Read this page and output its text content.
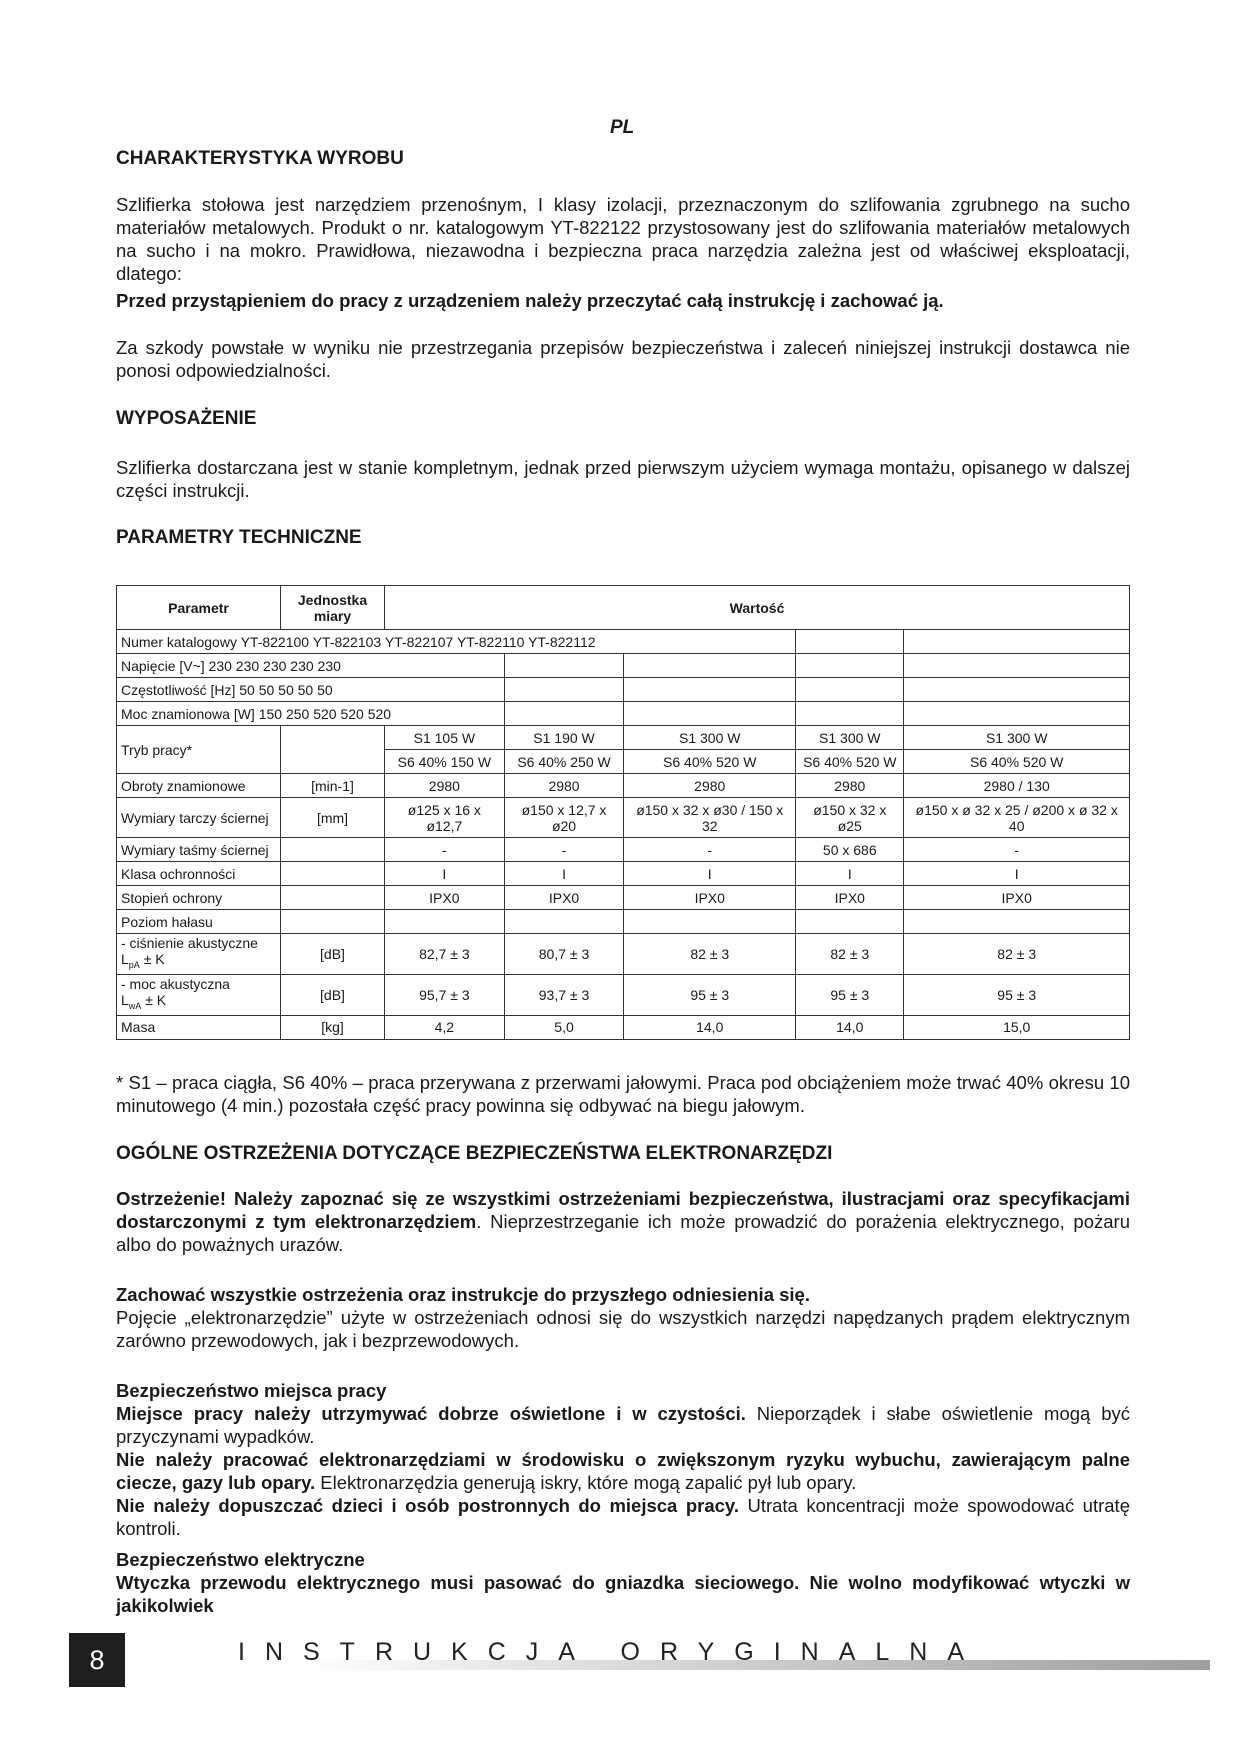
PL
CHARAKTERYSTYKA WYROBU

Szlifierka stołowa jest narzędziem przenośnym, I klasy izolacji, przeznaczonym do szlifowania zgrubnego na sucho materiałów metalowych. Produkt o nr. katalogowym YT-822122 przystosowany jest do szlifowania materiałów metalowych na sucho i na mokro. Prawidłowa, niezawodna i bezpieczna praca narzędzia zależna jest od właściwej eksploatacji, dlatego:

Przed przystąpieniem do pracy z urządzeniem należy przeczytać całą instrukcję i zachować ją.

Za szkody powstałe w wyniku nie przestrzegania przepisów bezpieczeństwa i zaleceń niniejszej instrukcji dostawca nie ponosi odpowiedzialności.

WYPOSAŻENIE

Szlifierka dostarczana jest w stanie kompletnym, jednak przed pierwszym użyciem wymaga montażu, opisanego w dalszej części instrukcji.

PARAMETRY TECHNICZNE
Parametr	Jednostka miary	Wartość				
Numer katalogowy YT-822100 YT-822103 YT-822107 YT-822110 YT-822112						
Napięcie [V~] 230 230 230 230 230						
Częstotliwość [Hz] 50 50 50 50 50						
Moc znamionowa [W] 150 250 520 520 520						
Tryb pracy*		S1 105 W	S1 190 W	S1 300 W	S1 300 W	S1 300 W
		S6 40% 150 W	S6 40% 250 W	S6 40% 520 W	S6 40% 520 W	S6 40% 520 W
Obroty znamionowe	[min-1]	2980	2980	2980	2980	2980 / 130
Wymiary tarczy ściernej	[mm]	ø125 x 16 x ø12,7	ø150 x 12,7 x ø20	ø150 x 32 x ø30 / 150 x 32	ø150 x 32 x ø25	ø150 x ø 32 x 25 / ø200 x ø 32 x 40
Wymiary taśmy ściernej		-	-	-	50 x 686	-
Klasa ochronności		I	I	I	I	I
Stopień ochrony		IPX0	IPX0	IPX0	IPX0	IPX0
Poziom hałasu						
- ciśnienie akustyczne
$L_{pA} \pm K$	[dB]	82,7 ± 3	80,7 ± 3	82 ± 3	82 ± 3	82 ± 3
- moc akustyczna
$L_{wA} \pm K$	[dB]	95,7 ± 3	93,7 ± 3	95 ± 3	95 ± 3	95 ± 3
Masa	[kg]	4,2	5,0	14,0	14,0	15,0

* S1 – praca ciągła, S6 40% – praca przerywana z przerwami jałowymi. Praca pod obciążeniem może trwać 40% okresu 10 minutowego (4 min.) pozostała część pracy powinna się odbywać na biegu jałowym.

OGÓLNE OSTRZEŻENIA DOTYCZĄCE BEZPIECZEŃSTWA ELEKTRONARZĘDZI

Ostrzeżenie! Należy zapoznać się ze wszystkimi ostrzeżeniami bezpieczeństwa, ilustracjami oraz specyfikacjami dostarczonymi z tym elektronarzędziem. Nieprzestrzeganie ich może prowadzić do porażenia elektrycznego, pożaru albo do poważnych urazów.

Zachować wszystkie ostrzeżenia oraz instrukcje do przyszłego odniesienia się.
Pojęcie „elektronarzędzie” użyte w ostrzeżeniach odnosi się do wszystkich narzędzi napędzanych prądem elektrycznym zarówno przewodowych, jak i bezprzewodowych.

Bezpieczeństwo miejsca pracy
Miejsce pracy należy utrzymywać dobrze oświetlone i w czystości. Nieporządek i słabe oświetlenie mogą być przyczynami wypadków.
Nie należy pracować elektronarzędziami w środowisku o zwiększonym ryzyku wybuchu, zawierającym palne ciecze, gazy lub opary. Elektronarzędzia generują iskry, które mogą zapalić pył lub opary.
Nie należy dopuszczać dzieci i osób postronnych do miejsca pracy. Utrata koncentracji może spowodować utratę kontroli.

Bezpieczeństwo elektryczne
Wtyczka przewodu elektrycznego musi pasować do gniazdka sieciowego. Nie wolno modyfikować wtyczki w jakikolwiek

8	INSTRUKCJA ORYGINALNA
